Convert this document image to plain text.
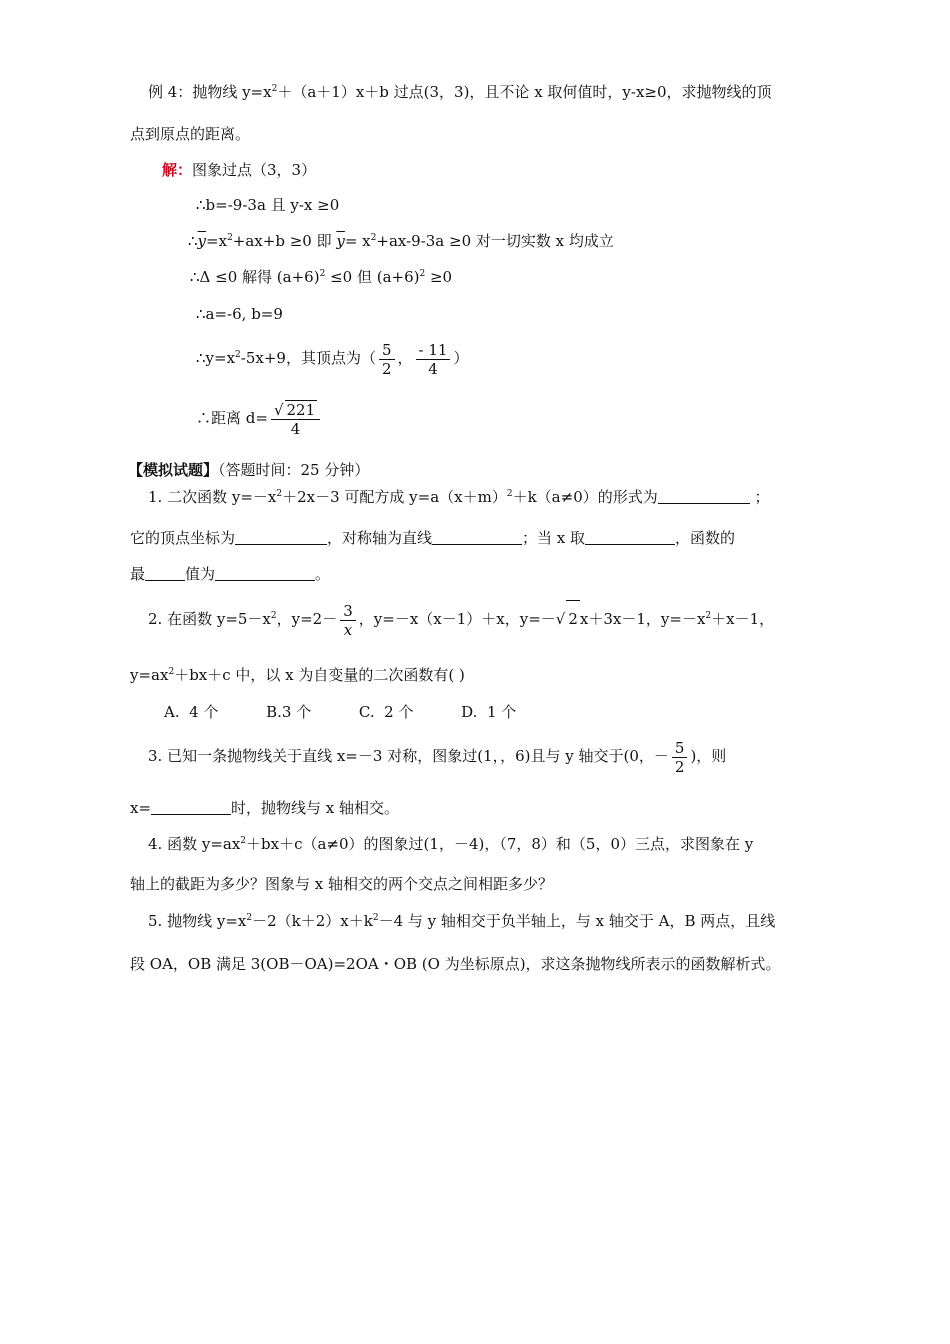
例 4：抛物线 $y=x^2+(a+1)x+b$ 过点(3，3)，且不论 x 取何值时，y-x≥0，求抛物线的顶
点到原点的距离。
解：图象过点（3，3）
∴b=-9-3a 且 y-x ≥0
$\therefore\overline{y}=x^2+ax+b \ge 0$ 即 $\overline{y}= x^2+ax-9-3a \ge 0$ 对一切实数 x 均成立
∴Δ ≤0 解得 $(a+6)^2 \le 0$ 但 $(a+6)^2 \ge 0$
∴a=-6, b=9
$\therefore y=x^2-5x+9$，其顶点为（ $\frac{5}{2}$ ， $\frac{- 11}{4}$ ）
∴距离 $d= \frac{√ 221}{4}$
【模拟试题】（答题时间：25 分钟）
1. 二次函数 $y=-x^2+2x-3$ 可配方成 $y=a(x+m)^2+k(a\ne 0)$的形式为	；
它的顶点坐标为	，对称轴为直线	；当 x 取	，函数的
最	值为	。
2. 在函数 $y=5-x^2$，$y=2- \frac{3}{x}$ ，y=－x（x－1）＋x，y=－√ 2 x＋3x－1，$y=-x^2+x-1$，
$y=ax^2+bx+c$ 中，以 x 为自变量的二次函数有( )
A.  4 个          B.3 个          C.  2 个          D.  1 个
3. 已知一条抛物线关于直线 x=－3 对称，图象过(1，，6)且与 y 轴交于(0，－ $\frac{5}{2}$ )，则
x=	时，抛物线与 x 轴相交。
4. 函数 $y=ax^2+bx+c(a\ne 0)$的图象过(1，－4)，（7，8）和（5，0）三点，求图象在 y
轴上的截距为多少？图象与 x 轴相交的两个交点之间相距多少？
5. 抛物线 $y=x^2-2(k+2)x+k^2-4$ 与 y 轴相交于负半轴上，与 x 轴交于 A，B 两点，且线
段 OA，OB 满足 3(OB－OA)=2OA・OB (O 为坐标原点)，求这条抛物线所表示的函数解析式。
